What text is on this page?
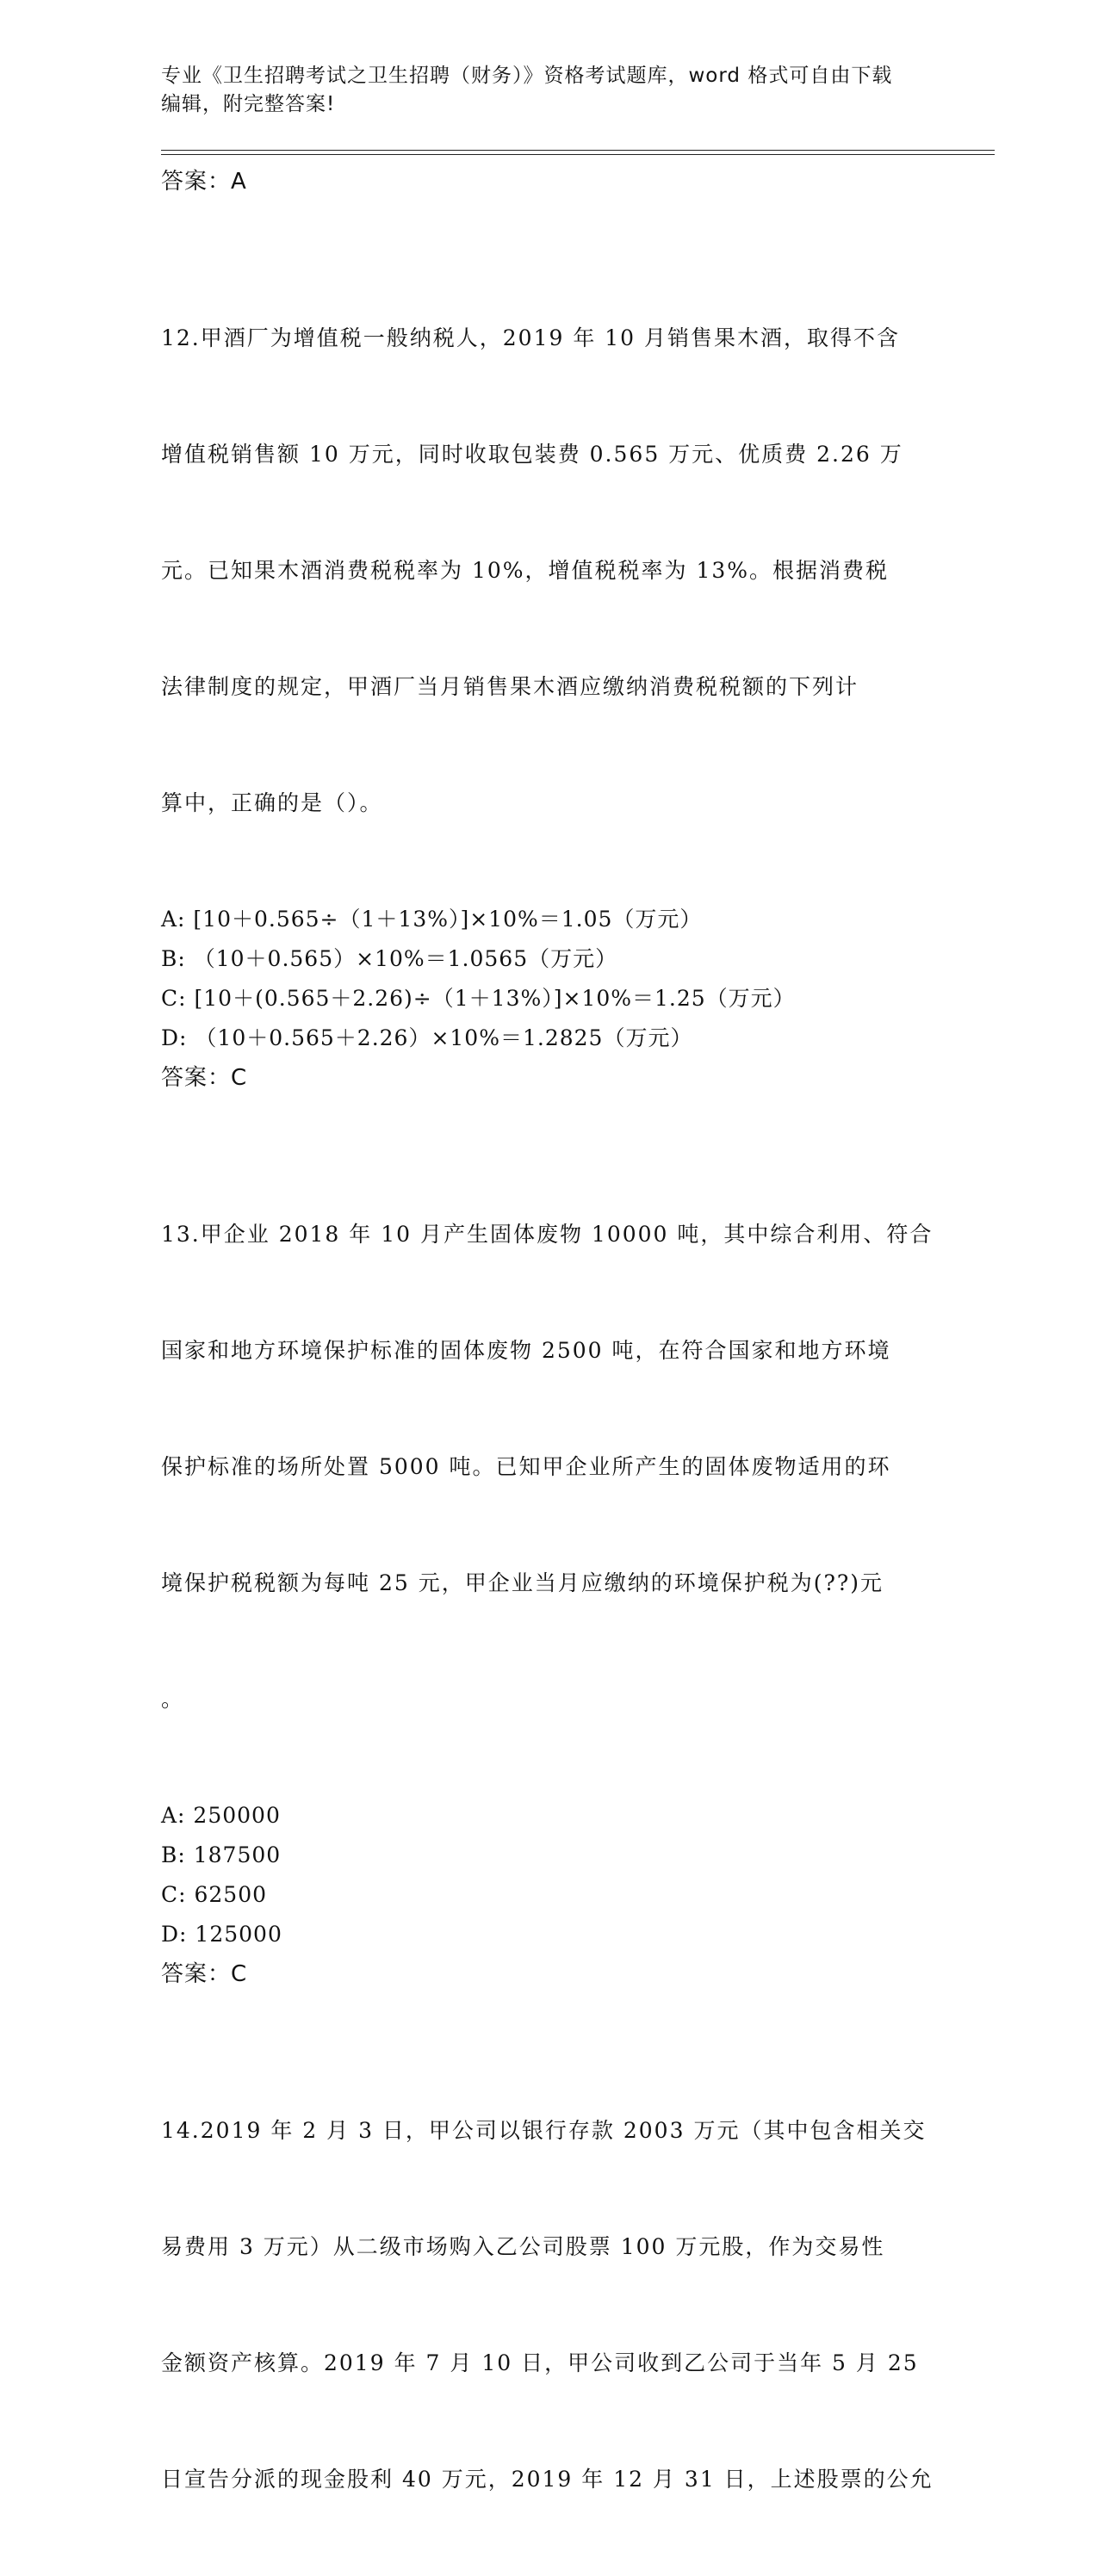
专业《卫生招聘考试之卫生招聘（财务）》资格考试题库，word 格式可自由下载
编辑，附完整答案!
答案：A

12.甲酒厂为增值税一般纳税人，2019 年 10 月销售果木酒，取得不含

增值税销售额 10 万元，同时收取包装费 0.565 万元、优质费 2.26 万

元。已知果木酒消费税税率为 10%，增值税税率为 13%。根据消费税

法律制度的规定，甲酒厂当月销售果木酒应缴纳消费税税额的下列计

算中，正确的是（）。

A: [10＋0.565÷（1＋13%）]×10%＝1.05（万元）
B: （10＋0.565）×10%＝1.0565（万元）
C: [10＋(0.565＋2.26)÷（1＋13%）]×10%＝1.25（万元）
D: （10＋0.565＋2.26）×10%＝1.2825（万元）
答案：C

13.甲企业 2018 年 10 月产生固体废物 10000 吨，其中综合利用、符合

国家和地方环境保护标准的固体废物 2500 吨，在符合国家和地方环境

保护标准的场所处置 5000 吨。已知甲企业所产生的固体废物适用的环

境保护税税额为每吨 25 元，甲企业当月应缴纳的环境保护税为(??)元

。

A: 250000
B: 187500
C: 62500
D: 125000
答案：C

14.2019 年 2 月 3 日，甲公司以银行存款 2003 万元（其中包含相关交

易费用 3 万元）从二级市场购入乙公司股票 100 万元股，作为交易性

金额资产核算。2019 年 7 月 10 日，甲公司收到乙公司于当年 5 月 25

日宣告分派的现金股利 40 万元，2019 年 12 月 31 日，上述股票的公允
